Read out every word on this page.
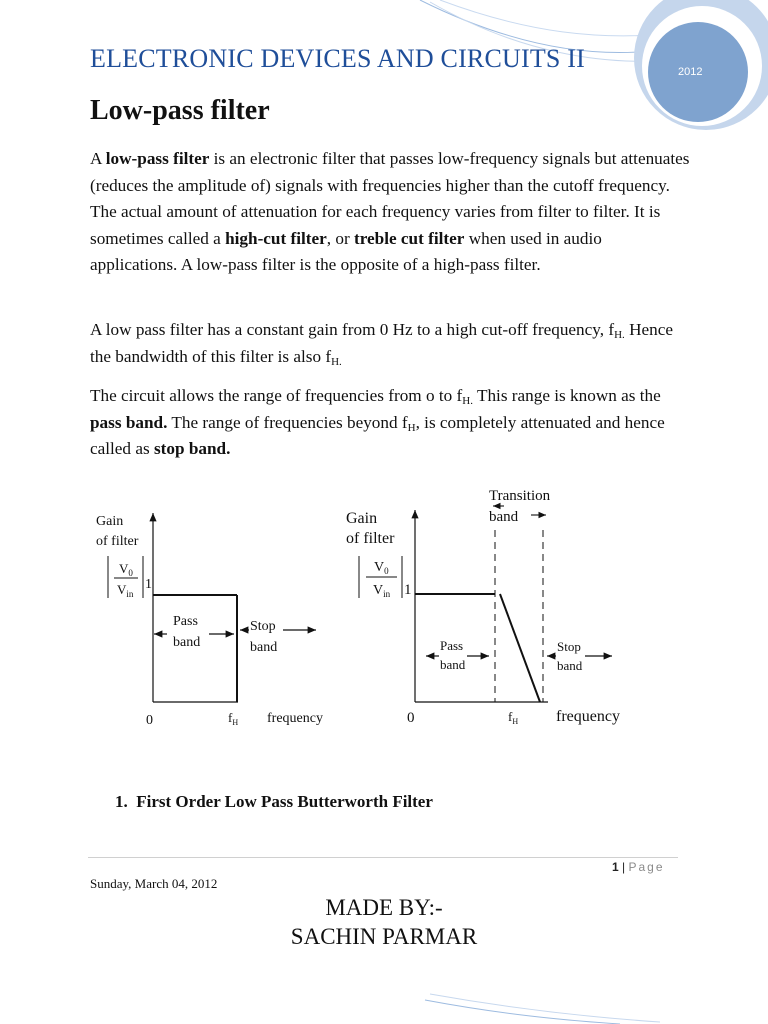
ELECTRONIC DEVICES AND CIRCUITS II	2012
Low-pass filter

A low-pass filter is an electronic filter that passes low-frequency signals but attenuates (reduces the amplitude of) signals with frequencies higher than the cutoff frequency. The actual amount of attenuation for each frequency varies from filter to filter. It is sometimes called a high-cut filter, or treble cut filter when used in audio applications. A low-pass filter is the opposite of a high-pass filter.

A low pass filter has a constant gain from 0 Hz to a high cut-off frequency, $f_{H.}$ Hence the bandwidth of this filter is also $f_{H.}$

The circuit allows the range of frequencies from o to $f_{H.}$ This range is known as the pass band. The range of frequencies beyond $f_H$, is completely attenuated and hence called as stop band.

Gain
of filter
$V_0$
$V_{in}$
1
Pass
band
Stop
band
0	$f_H$ frequency
Transition
band
Gain
of filter
$V_0$
$V_{in}$ 1
Pass
band
Stop
band
0	$f_H$ frequency
1.  First Order Low Pass Butterworth Filter
1 | Page
Sunday, March 04, 2012
MADE BY:-
SACHIN PARMAR
